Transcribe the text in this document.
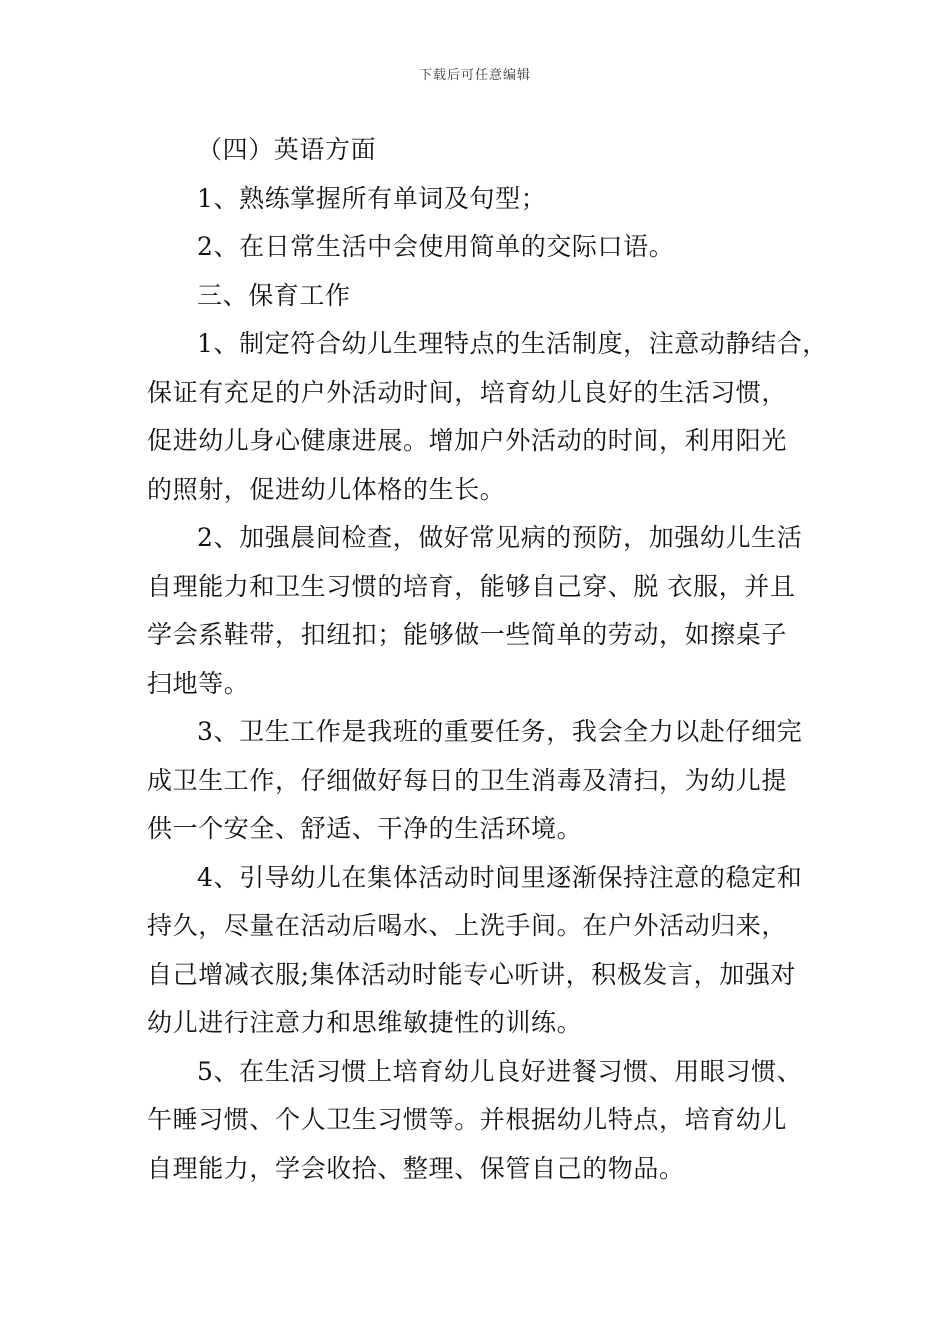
下载后可任意编辑

（四）英语方面

1、熟练掌握所有单词及句型；

2、在日常生活中会使用简单的交际口语。

三、保育工作

1、制定符合幼儿生理特点的生活制度，注意动静结合，
保证有充足的户外活动时间，培育幼儿良好的生活习惯，
促进幼儿身心健康进展。增加户外活动的时间，利用阳光
的照射，促进幼儿体格的生长。
2、加强晨间检查，做好常见病的预防，加强幼儿生活
自理能力和卫生习惯的培育，能够自己穿、脱 衣服，并且
学会系鞋带，扣纽扣；能够做一些简单的劳动，如擦桌子
扫地等。
3、卫生工作是我班的重要任务，我会全力以赴仔细完
成卫生工作，仔细做好每日的卫生消毒及清扫，为幼儿提
供一个安全、舒适、干净的生活环境。
4、引导幼儿在集体活动时间里逐渐保持注意的稳定和
持久，尽量在活动后喝水、上洗手间。在户外活动归来，
自己增减衣服;集体活动时能专心听讲，积极发言，加强对
幼儿进行注意力和思维敏捷性的训练。
5、在生活习惯上培育幼儿良好进餐习惯、用眼习惯、
午睡习惯、个人卫生习惯等。并根据幼儿特点，培育幼儿
自理能力，学会收拾、整理、保管自己的物品。
